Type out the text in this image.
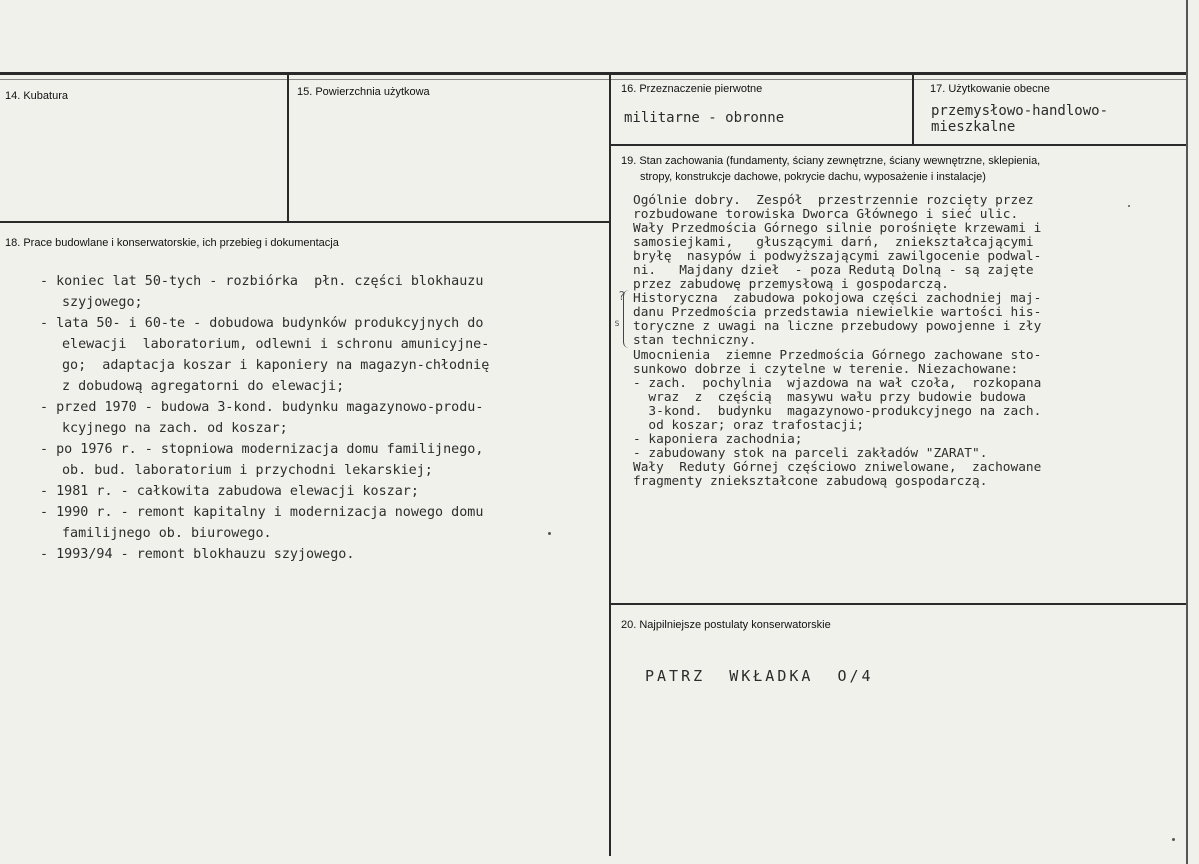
14. Kubatura	15. Powierzchnia użytkowa	16. Przeznaczenie pierwotne
militarne - obronne
17. Użytkowanie obecne
przemysłowo-handlowo-
mieszkalne
18. Prace budowlane i konserwatorskie, ich przebieg i dokumentacja
- koniec lat 50-tych - rozbiórka  płn. części blokhauzu
szyjowego;
- lata 50- i 60-te - dobudowa budynków produkcyjnych do
elewacji  laboratorium, odlewni i schronu amunicyjne-
go;  adaptacja koszar i kaponiery na magazyn-chłodnię
z dobudową agregatorni do elewacji;
- przed 1970 - budowa 3-kond. budynku magazynowo-produ-
kcyjnego na zach. od koszar;
- po 1976 r. - stopniowa modernizacja domu familijnego,
ob. bud. laboratorium i przychodni lekarskiej;
- 1981 r. - całkowita zabudowa elewacji koszar;
- 1990 r. - remont kapitalny i modernizacja nowego domu
familijnego ob. biurowego.
- 1993/94 - remont blokhauzu szyjowego.
19. Stan zachowania (fundamenty, ściany zewnętrzne, ściany wewnętrzne, sklepienia,
stropy, konstrukcje dachowe, pokrycie dachu, wyposażenie i instalacje)
Ogólnie dobry.  Zespół  przestrzennie rozcięty przez
rozbudowane torowiska Dworca Głównego i sieć ulic.
Wały Przedmościa Górnego silnie porośnięte krzewami i
samosiejkami,   głuszącymi darń,  zniekształcającymi
bryłę  nasypów i podwyższającymi zawilgocenie podwal-
ni.   Majdany dzieł  - poza Redutą Dolną - są zajęte
przez zabudowę przemysłową i gospodarczą.
Historyczna  zabudowa pokojowa części zachodniej maj-
danu Przedmościa przedstawia niewielkie wartości his-
toryczne z uwagi na liczne przebudowy powojenne i zły
stan techniczny.
Umocnienia  ziemne Przedmościa Górnego zachowane sto-
sunkowo dobrze i czytelne w terenie. Niezachowane:
- zach.  pochylnia  wjazdowa na wał czoła,  rozkopana
wraz  z  częścią  masywu wału przy budowie budowa
3-kond.  budynku  magazynowo-produkcyjnego na zach.
od koszar; oraz trafostacji;
- kaponiera zachodnia;
- zabudowany stok na parceli zakładów "ZARAT".
Wały  Reduty Górnej częściowo zniwelowane,  zachowane
fragmenty zniekształcone zabudową gospodarczą.
?
s
20. Najpilniejsze postulaty konserwatorskie
PATRZ  WKŁADKA  O/4
